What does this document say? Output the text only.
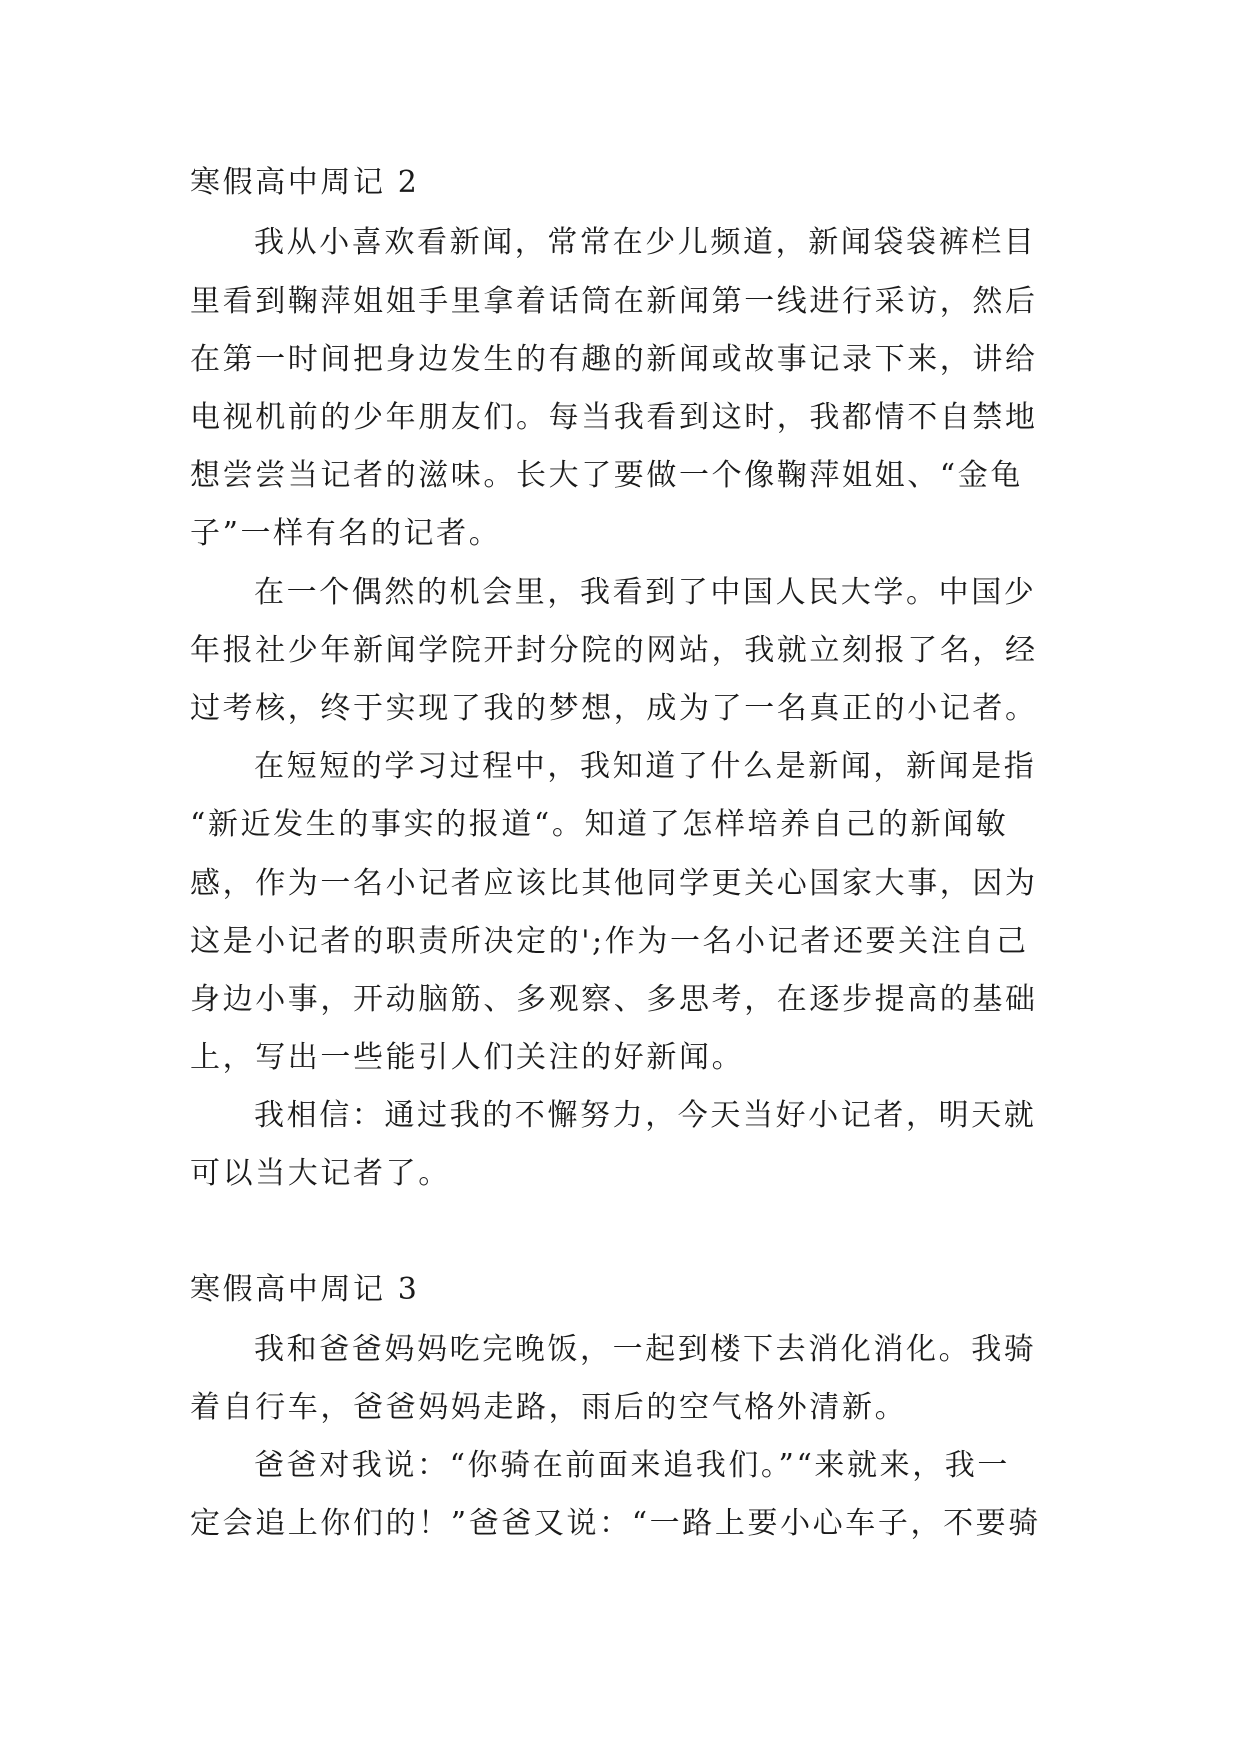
寒假高中周记 2
我从小喜欢看新闻，常常在少儿频道，新闻袋袋裤栏目
里看到鞠萍姐姐手里拿着话筒在新闻第一线进行采访，然后
在第一时间把身边发生的有趣的新闻或故事记录下来，讲给
电视机前的少年朋友们。每当我看到这时，我都情不自禁地
想尝尝当记者的滋味。长大了要做一个像鞠萍姐姐、“金龟
子”一样有名的记者。
在一个偶然的机会里，我看到了中国人民大学。中国少
年报社少年新闻学院开封分院的网站，我就立刻报了名，经
过考核，终于实现了我的梦想，成为了一名真正的小记者。
在短短的学习过程中，我知道了什么是新闻，新闻是指
“新近发生的事实的报道“。知道了怎样培养自己的新闻敏
感，作为一名小记者应该比其他同学更关心国家大事，因为
这是小记者的职责所决定的';作为一名小记者还要关注自己
身边小事，开动脑筋、多观察、多思考，在逐步提高的基础
上，写出一些能引人们关注的好新闻。
我相信：通过我的不懈努力，今天当好小记者，明天就
可以当大记者了。
寒假高中周记 3
我和爸爸妈妈吃完晚饭，一起到楼下去消化消化。我骑
着自行车，爸爸妈妈走路，雨后的空气格外清新。
爸爸对我说：“你骑在前面来追我们。”“来就来，我一
定会追上你们的！”爸爸又说：“一路上要小心车子，不要骑
